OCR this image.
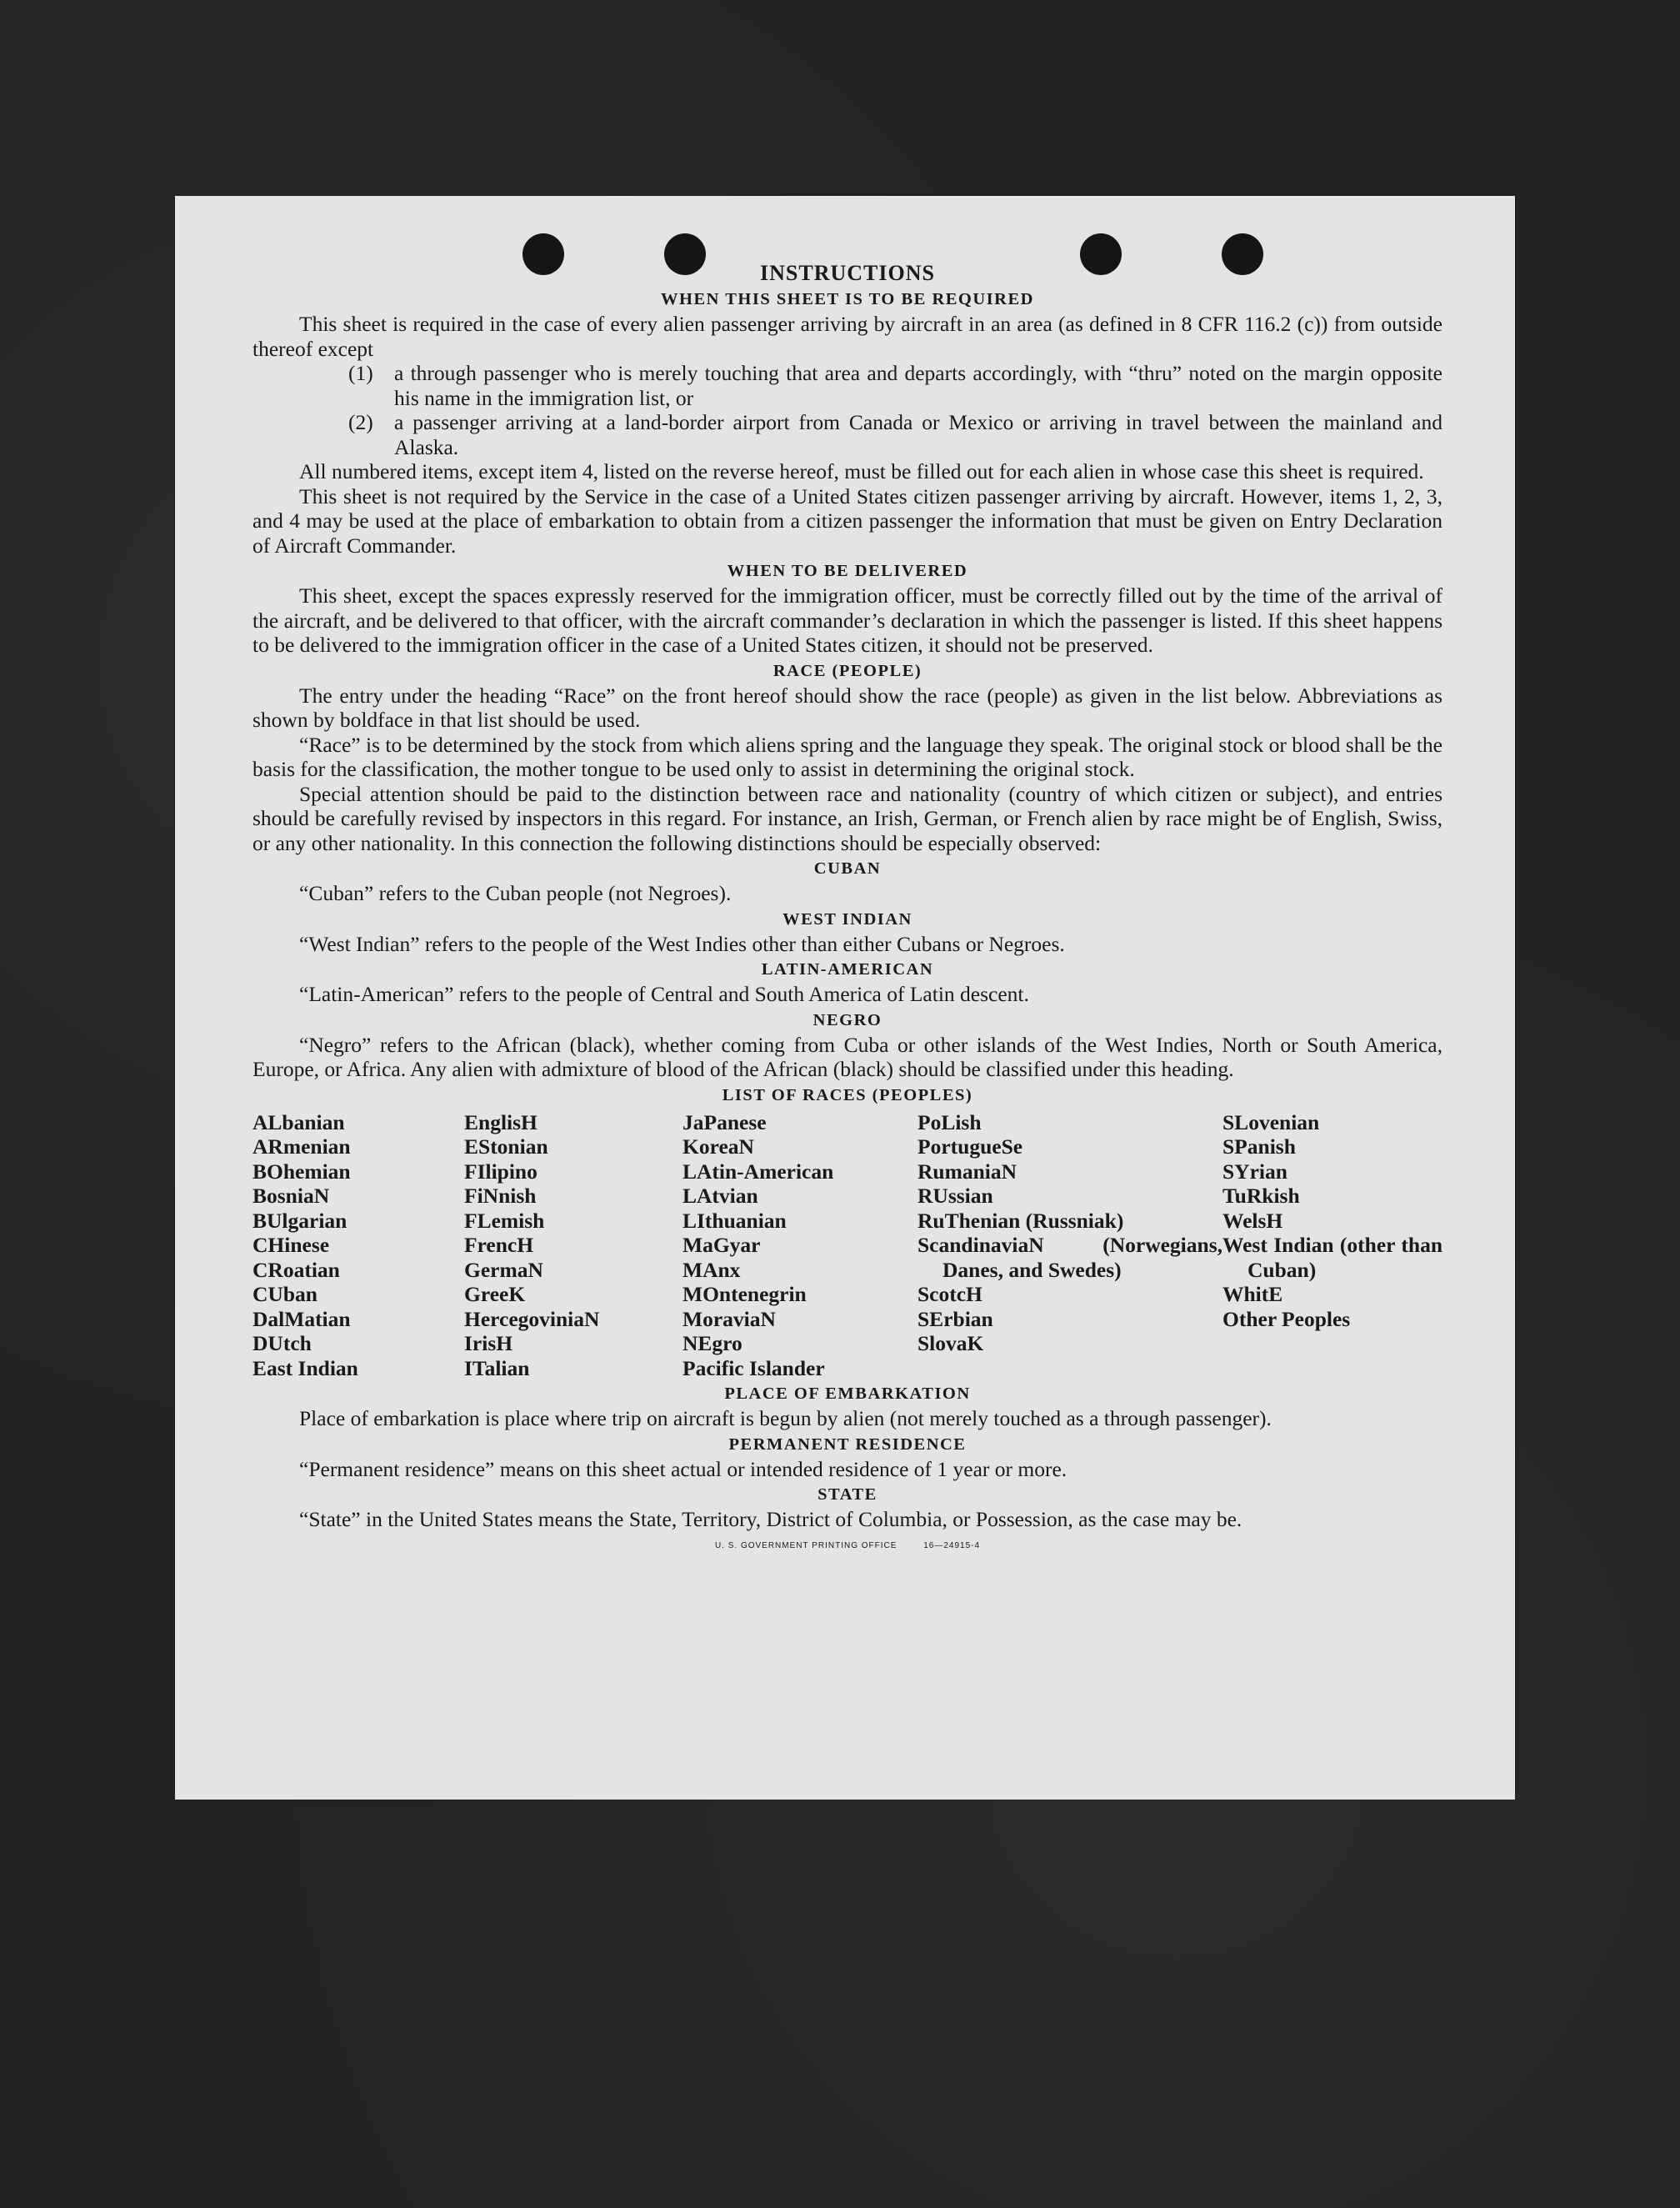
INSTRUCTIONS
WHEN THIS SHEET IS TO BE REQUIRED

This sheet is required in the case of every alien passenger arriving by aircraft in an area (as defined in 8 CFR 116.2 (c)) from outside thereof except

(1) a through passenger who is merely touching that area and departs accordingly, with “thru” noted on the margin opposite his name in the immigration list, or
(2) a passenger arriving at a land-border airport from Canada or Mexico or arriving in travel between the mainland and Alaska.

All numbered items, except item 4, listed on the reverse hereof, must be filled out for each alien in whose case this sheet is required.

This sheet is not required by the Service in the case of a United States citizen passenger arriving by aircraft. However, items 1, 2, 3, and 4 may be used at the place of embarkation to obtain from a citizen passenger the information that must be given on Entry Declaration of Aircraft Commander.

WHEN TO BE DELIVERED

This sheet, except the spaces expressly reserved for the immigration officer, must be correctly filled out by the time of the arrival of the aircraft, and be delivered to that officer, with the aircraft commander’s declaration in which the passenger is listed. If this sheet happens to be delivered to the immigration officer in the case of a United States citizen, it should not be preserved.

RACE (PEOPLE)

The entry under the heading “Race” on the front hereof should show the race (people) as given in the list below. Abbreviations as shown by boldface in that list should be used.

“Race” is to be determined by the stock from which aliens spring and the language they speak. The original stock or blood shall be the basis for the classification, the mother tongue to be used only to assist in determining the original stock.

Special attention should be paid to the distinction between race and nationality (country of which citizen or subject), and entries should be carefully revised by inspectors in this regard. For instance, an Irish, German, or French alien by race might be of English, Swiss, or any other nationality. In this connection the following distinctions should be especially observed:

CUBAN

“Cuban” refers to the Cuban people (not Negroes).

WEST INDIAN

“West Indian” refers to the people of the West Indies other than either Cubans or Negroes.

LATIN-AMERICAN

“Latin-American” refers to the people of Central and South America of Latin descent.

NEGRO

“Negro” refers to the African (black), whether coming from Cuba or other islands of the West Indies, North or South America, Europe, or Africa. Any alien with admixture of blood of the African (black) should be classified under this heading.

LIST OF RACES (PEOPLES)
ALbanian
ARmenian
BOhemian
BosniaN
BUlgarian
CHinese
CRoatian
CUban
DalMatian
DUtch
East Indian
EnglisH
EStonian
FIlipino
FiNnish
FLemish
FrencH
GermaN
GreeK
HercegoviniaN
IrisH
ITalian
JaPanese
KoreaN
LAtin-American
LAtvian
LIthuanian
MaGyar
MAnx
MOntenegrin
MoraviaN
NEgro
Pacific Islander
PoLish
PortugueSe
RumaniaN
RUssian
RuThenian (Russniak)
ScandinaviaN (Norwegians, Danes, and Swedes)
ScotcH
SErbian
SlovaK
SLovenian
SPanish
SYrian
TuRkish
WelsH
West Indian (other than Cuban)
WhitE
Other Peoples
PLACE OF EMBARKATION

Place of embarkation is place where trip on aircraft is begun by alien (not merely touched as a through passenger).

PERMANENT RESIDENCE

“Permanent residence” means on this sheet actual or intended residence of 1 year or more.

STATE

“State” in the United States means the State, Territory, District of Columbia, or Possession, as the case may be.

U. S. GOVERNMENT PRINTING OFFICE	16—24915-4
